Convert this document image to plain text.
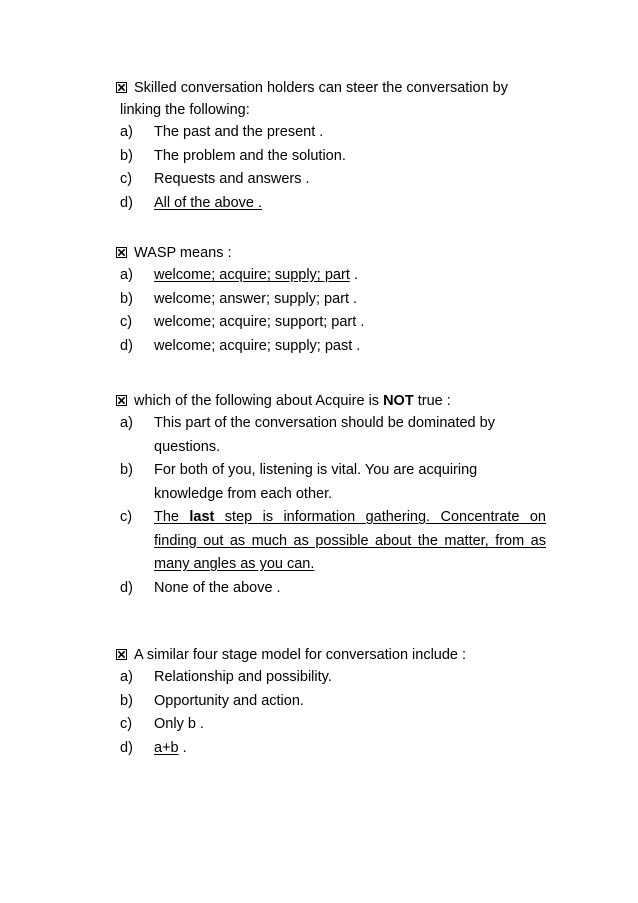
Skilled conversation holders can steer the conversation by
linking the following:
a) The past and the present .
b) The problem and the solution.
c) Requests and answers .
d) All of the above .
WASP means :
a) welcome; acquire; supply; part .
b) welcome; answer; supply; part .
c) welcome; acquire; support; part .
d) welcome; acquire; supply; past .
which of the following about Acquire is NOT true :
a) This part of the conversation should be dominated by questions.
b) For both of you, listening is vital. You are acquiring knowledge from each other.
c) The last step is information gathering. Concentrate on finding out as much as possible about the matter, from as many angles as you can.
d) None of the above .
A similar four stage model for conversation include :
a) Relationship and possibility.
b) Opportunity and action.
c) Only b .
d) a+b .
